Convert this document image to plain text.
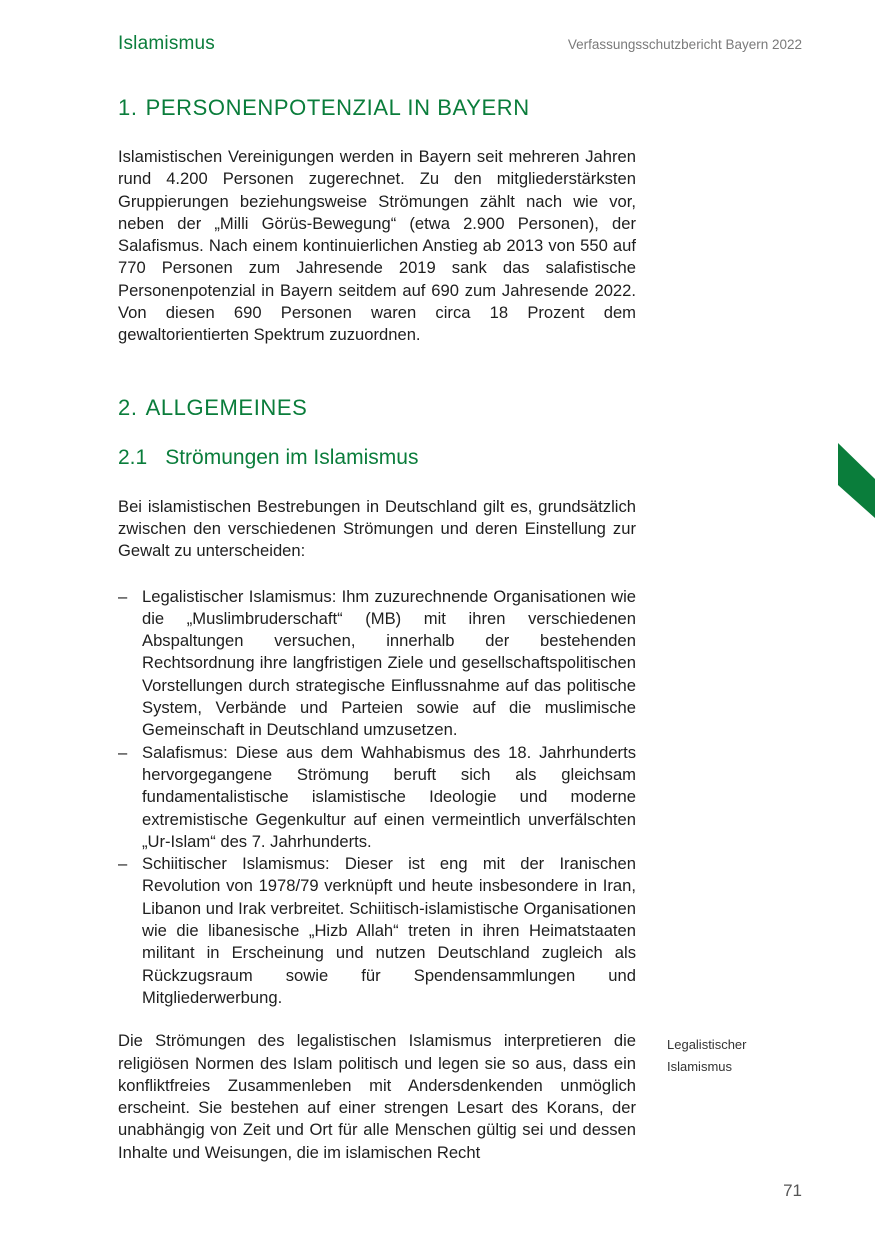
Islamismus	Verfassungsschutzbericht Bayern 2022
1. PERSONENPOTENZIAL IN BAYERN

Islamistischen Vereinigungen werden in Bayern seit mehreren Jahren rund 4.200 Personen zugerechnet. Zu den mitgliederstärksten Gruppierungen beziehungsweise Strömungen zählt nach wie vor, neben der „Milli Görüs-Bewegung“ (etwa 2.900 Personen), der Salafismus. Nach einem kontinuierlichen Anstieg ab 2013 von 550 auf 770 Personen zum Jahresende 2019 sank das salafistische Personenpotenzial in Bayern seitdem auf 690 zum Jahresende 2022. Von diesen 690 Personen waren circa 18 Prozent dem gewaltorientierten Spektrum zuzuordnen.

2. ALLGEMEINES
2.1 Strömungen im Islamismus

Bei islamistischen Bestrebungen in Deutschland gilt es, grundsätzlich zwischen den verschiedenen Strömungen und deren Einstellung zur Gewalt zu unterscheiden:

– Legalistischer Islamismus: Ihm zuzurechnende Organisationen wie die „Muslimbruderschaft“ (MB) mit ihren verschiedenen Abspaltungen versuchen, innerhalb der bestehenden Rechtsordnung ihre langfristigen Ziele und gesellschaftspolitischen Vorstellungen durch strategische Einflussnahme auf das politische System, Verbände und Parteien sowie auf die muslimische Gemeinschaft in Deutschland umzusetzen.
– Salafismus: Diese aus dem Wahhabismus des 18. Jahrhunderts hervorgegangene Strömung beruft sich als gleichsam fundamentalistische islamistische Ideologie und moderne extremistische Gegenkultur auf einen vermeintlich unverfälschten „Ur-Islam“ des 7. Jahrhunderts.
– Schiitischer Islamismus: Dieser ist eng mit der Iranischen Revolution von 1978/79 verknüpft und heute insbesondere in Iran, Libanon und Irak verbreitet. Schiitisch-islamistische Organisationen wie die libanesische „Hizb Allah“ treten in ihren Heimatstaaten militant in Erscheinung und nutzen Deutschland zugleich als Rückzugsraum sowie für Spendensammlungen und Mitgliederwerbung.

Die Strömungen des legalistischen Islamismus interpretieren die religiösen Normen des Islam politisch und legen sie so aus, dass ein konfliktfreies Zusammenleben mit Andersdenkenden unmöglich erscheint. Sie bestehen auf einer strengen Lesart des Korans, der unabhängig von Zeit und Ort für alle Menschen gültig sei und dessen Inhalte und Weisungen, die im islamischen Recht

Legalistischer
Islamismus
71
